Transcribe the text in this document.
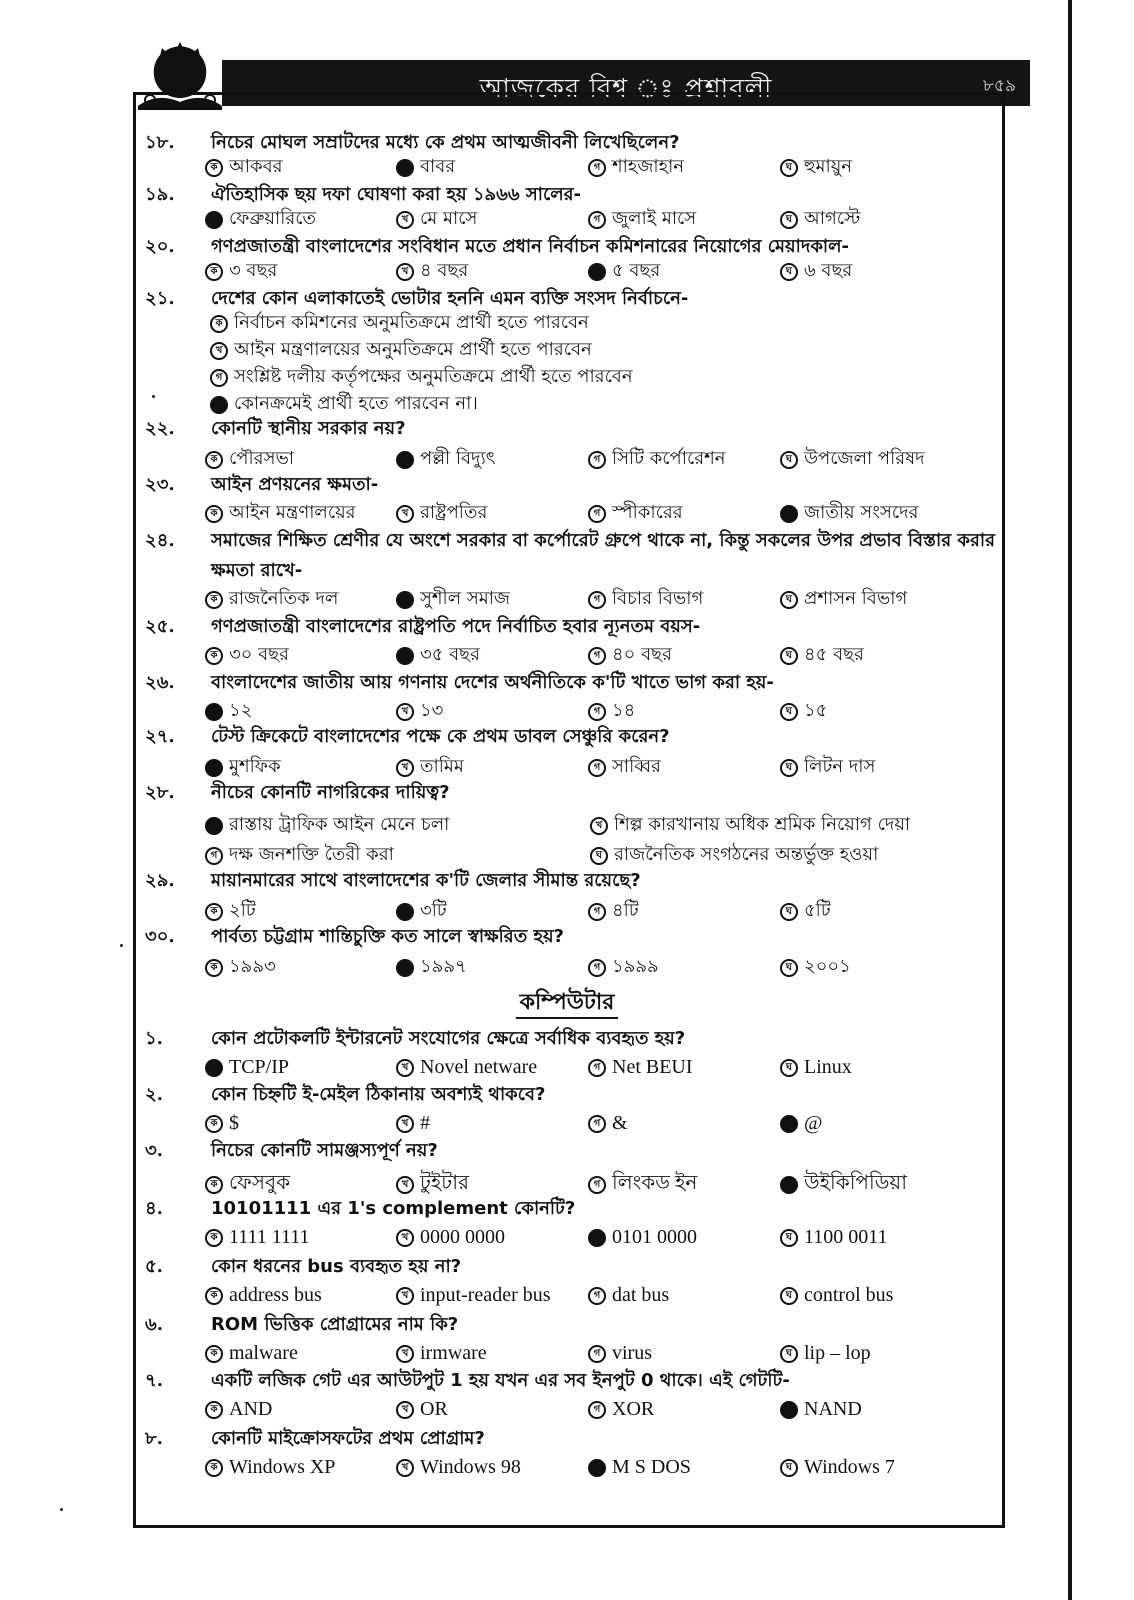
আজকের বিশ্ব ঃ প্রশ্নাবলী	৮৫৯
১৮.	নিচের মোঘল সম্রাটদের মধ্যে কে প্রথম আত্মজীবনী লিখেছিলেন?
ক আকবর	বাবর	গ শাহজাহান	ঘ হুমায়ুন
১৯.	ঐতিহাসিক ছয় দফা ঘোষণা করা হয় ১৯৬৬ সালের-
ফেব্রুয়ারিতে	খ মে মাসে	গ জুলাই মাসে	ঘ আগস্টে
২০.	গণপ্রজাতন্ত্রী বাংলাদেশের সংবিধান মতে প্রধান নির্বাচন কমিশনারের নিয়োগের মেয়াদকাল-
ক ৩ বছর	খ ৪ বছর	৫ বছর	ঘ ৬ বছর
২১.	দেশের কোন এলাকাতেই ভোটার হননি এমন ব্যক্তি সংসদ নির্বাচনে-
ক নির্বাচন কমিশনের অনুমতিক্রমে প্রার্থী হতে পারবেন
খ আইন মন্ত্রণালয়ের অনুমতিক্রমে প্রার্থী হতে পারবেন
গ সংশ্লিষ্ট দলীয় কর্তৃপক্ষের অনুমতিক্রমে প্রার্থী হতে পারবেন
কোনক্রমেই প্রার্থী হতে পারবেন না।
২২.	কোনটি স্থানীয় সরকার নয়?
ক পৌরসভা	পল্লী বিদ্যুৎ	গ সিটি কর্পোরেশন	ঘ উপজেলা পরিষদ
২৩.	আইন প্রণয়নের ক্ষমতা-
ক আইন মন্ত্রণালয়ের	খ রাষ্ট্রপতির	গ স্পীকারের	জাতীয় সংসদের
২৪.	সমাজের শিক্ষিত শ্রেণীর যে অংশে সরকার বা কর্পোরেট গ্রুপে থাকে না, কিন্তু সকলের উপর প্রভাব বিস্তার করার ক্ষমতা রাখে-
ক রাজনৈতিক দল	সুশীল সমাজ	গ বিচার বিভাগ	ঘ প্রশাসন বিভাগ
২৫.	গণপ্রজাতন্ত্রী বাংলাদেশের রাষ্ট্রপতি পদে নির্বাচিত হবার ন্যূনতম বয়স-
ক ৩০ বছর	৩৫ বছর	গ ৪০ বছর	ঘ ৪৫ বছর
২৬.	বাংলাদেশের জাতীয় আয় গণনায় দেশের অর্থনীতিকে ক'টি খাতে ভাগ করা হয়-
১২	খ ১৩	গ ১৪	ঘ ১৫
২৭.	টেস্ট ক্রিকেটে বাংলাদেশের পক্ষে কে প্রথম ডাবল সেঞ্চুরি করেন?
মুশফিক	খ তামিম	গ সাব্বির	ঘ লিটন দাস
২৮.	নীচের কোনটি নাগরিকের দায়িত্ব?
রাস্তায় ট্রাফিক আইন মেনে চলা	খ শিল্প কারখানায় অধিক শ্রমিক নিয়োগ দেয়া
গ দক্ষ জনশক্তি তৈরী করা	ঘ রাজনৈতিক সংগঠনের অন্তর্ভুক্ত হওয়া
২৯.	মায়ানমারের সাথে বাংলাদেশের ক'টি জেলার সীমান্ত রয়েছে?
ক ২টি	৩টি	গ ৪টি	ঘ ৫টি
৩০.	পার্বত্য চট্টগ্রাম শান্তিচুক্তি কত সালে স্বাক্ষরিত হয়?
ক ১৯৯৩	১৯৯৭	গ ১৯৯৯	ঘ ২০০১
কম্পিউটার
১.	কোন প্রটোকলটি ইন্টারনেট সংযোগের ক্ষেত্রে সর্বাধিক ব্যবহৃত হয়?
TCP/IP	খ Novel netware	গ Net BEUI	ঘ Linux
২.	কোন চিহ্নটি ই-মেইল ঠিকানায় অবশ্যই থাকবে?
ক $	খ #	গ &	@
৩.	নিচের কোনটি সামঞ্জস্যপূর্ণ নয়?
ক ফেসবুক	খ টুইটার	গ লিংকড ইন	উইকিপিডিয়া
৪.	10101111 এর 1's complement কোনটি?
ক 1111 1111	খ 0000 0000	0101 0000	ঘ 1100 0011
৫.	কোন ধরনের bus ব্যবহৃত হয় না?
ক address bus	খ input-reader bus	গ dat bus	ঘ control bus
৬.	ROM ভিত্তিক প্রোগ্রামের নাম কি?
ক malware	খ irmware	গ virus	ঘ lip – lop
৭.	একটি লজিক গেট এর আউটপুট 1 হয় যখন এর সব ইনপুট 0 থাকে। এই গেটটি-
ক AND	খ OR	গ XOR	NAND
৮.	কোনটি মাইক্রোসফটের প্রথম প্রোগ্রাম?
ক Windows XP	খ Windows 98	M S DOS	ঘ Windows 7
